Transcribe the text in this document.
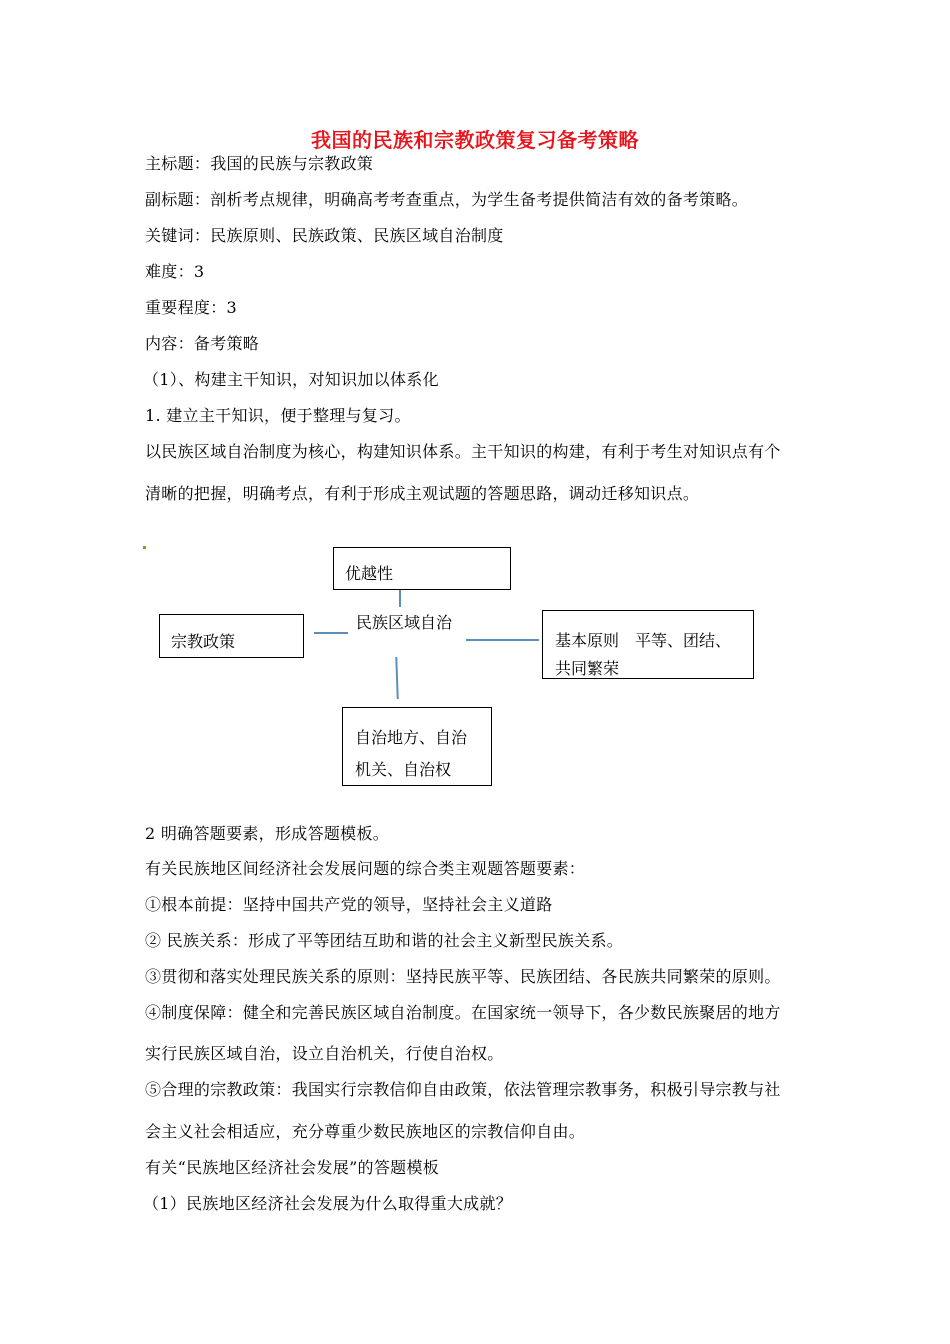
我国的民族和宗教政策复习备考策略
主标题：我国的民族与宗教政策
副标题：剖析考点规律，明确高考考查重点，为学生备考提供简洁有效的备考策略。
关键词：民族原则、民族政策、民族区域自治制度
难度：3
重要程度：3
内容：备考策略
（1）、构建主干知识，对知识加以体系化
1. 建立主干知识，便于整理与复习。
以民族区域自治制度为核心，构建知识体系。主干知识的构建，有利于考生对知识点有个
清晰的把握，明确考点，有利于形成主观试题的答题思路，调动迁移知识点。
优越性
宗教政策
民族区域自治
基本原则　平等、团结、
共同繁荣
自治地方、自治
机关、自治权
2 明确答题要素，形成答题模板。
有关民族地区间经济社会发展问题的综合类主观题答题要素：
①根本前提：坚持中国共产党的领导，坚持社会主义道路
② 民族关系：形成了平等团结互助和谐的社会主义新型民族关系。
③贯彻和落实处理民族关系的原则：坚持民族平等、民族团结、各民族共同繁荣的原则。
④制度保障：健全和完善民族区域自治制度。在国家统一领导下，各少数民族聚居的地方
实行民族区域自治，设立自治机关，行使自治权。
⑤合理的宗教政策：我国实行宗教信仰自由政策，依法管理宗教事务，积极引导宗教与社
会主义社会相适应，充分尊重少数民族地区的宗教信仰自由。
有关“民族地区经济社会发展”的答题模板
（1）民族地区经济社会发展为什么取得重大成就？
